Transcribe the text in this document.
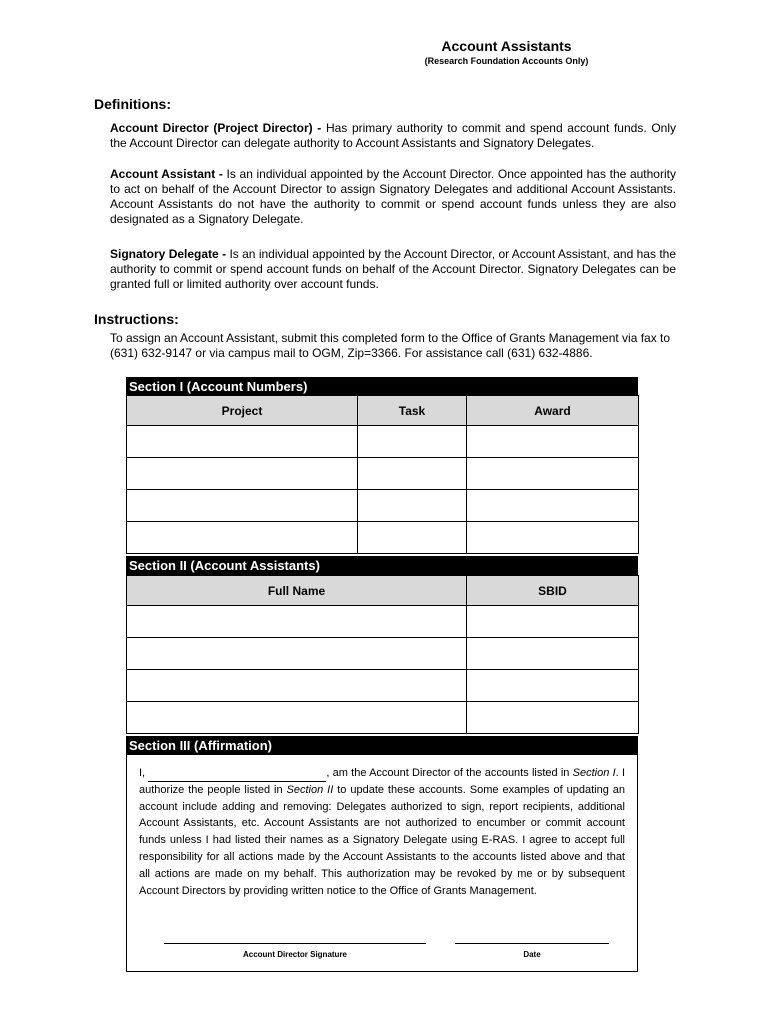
Account Assistants
(Research Foundation Accounts Only)
Definitions:
Account Director (Project Director) - Has primary authority to commit and spend account funds. Only the Account Director can delegate authority to Account Assistants and Signatory Delegates.
Account Assistant - Is an individual appointed by the Account Director. Once appointed has the authority to act on behalf of the Account Director to assign Signatory Delegates and additional Account Assistants. Account Assistants do not have the authority to commit or spend account funds unless they are also designated as a Signatory Delegate.
Signatory Delegate - Is an individual appointed by the Account Director, or Account Assistant, and has the authority to commit or spend account funds on behalf of the Account Director. Signatory Delegates can be granted full or limited authority over account funds.
Instructions:
To assign an Account Assistant, submit this completed form to the Office of Grants Management via fax to (631) 632-9147 or via campus mail to OGM, Zip=3366. For assistance call (631) 632-4886.
Section I (Account Numbers)
Project	Task	Award

Section II (Account Assistants)
Full Name	SBID

Section III (Affirmation)
I,	, am the Account Director of the accounts listed in Section I. I authorize the people listed in Section II to update these accounts. Some examples of updating an account include adding and removing: Delegates authorized to sign, report recipients, additional Account Assistants, etc. Account Assistants are not authorized to encumber or commit account funds unless I had listed their names as a Signatory Delegate using E-RAS. I agree to accept full responsibility for all actions made by the Account Assistants to the accounts listed above and that all actions are made on my behalf. This authorization may be revoked by me or by subsequent Account Directors by providing written notice to the Office of Grants Management.
Account Director Signature	Date
